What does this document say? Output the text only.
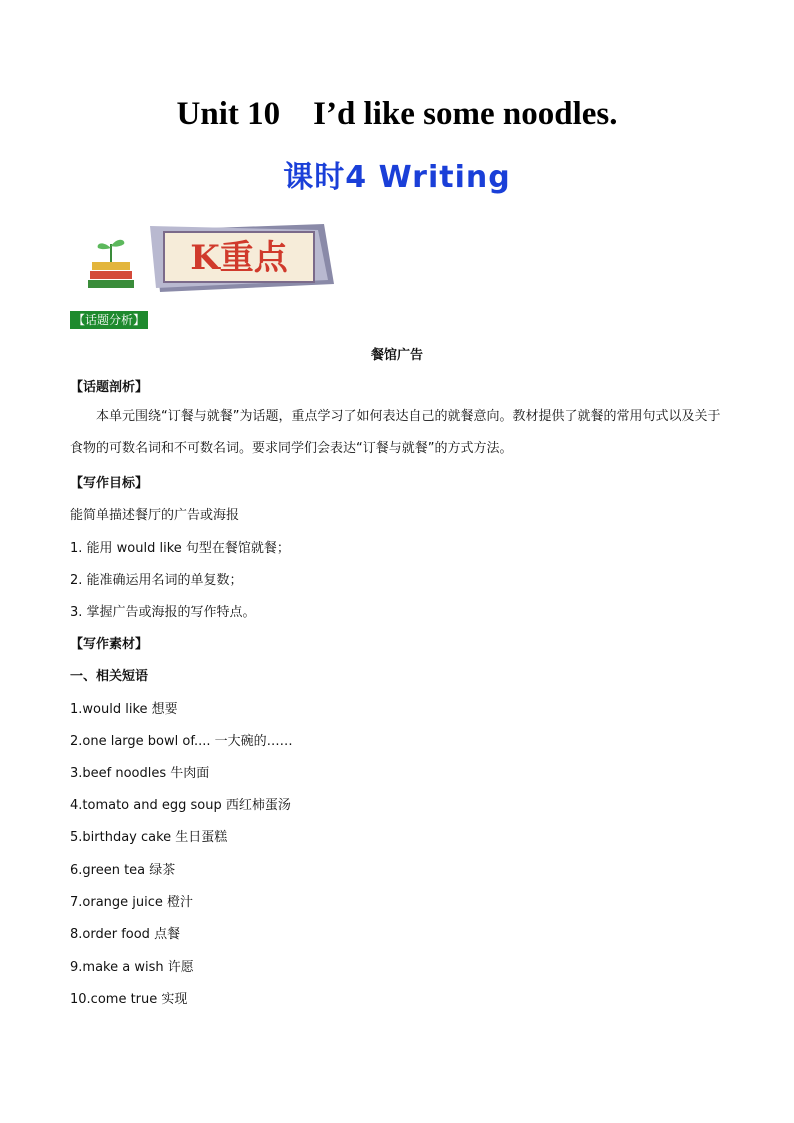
Unit 10    I’d like some noodles.
课时4 Writing
K重点
【话题分析】
餐馆广告
【话题剖析】
本单元围绕“订餐与就餐”为话题，重点学习了如何表达自己的就餐意向。教材提供了就餐的常用句式以及关于食物的可数名词和不可数名词。要求同学们会表达“订餐与就餐”的方式方法。
【写作目标】
能简单描述餐厅的广告或海报
1. 能用 would like 句型在餐馆就餐；
2. 能准确运用名词的单复数；
3. 掌握广告或海报的写作特点。
【写作素材】
一、相关短语
1.would like 想要
2.one large bowl of.... 一大碗的……
3.beef noodles 牛肉面
4.tomato and egg soup 西红柿蛋汤
5.birthday cake 生日蛋糕
6.green tea 绿茶
7.orange juice 橙汁
8.order food 点餐
9.make a wish 许愿
10.come true 实现
